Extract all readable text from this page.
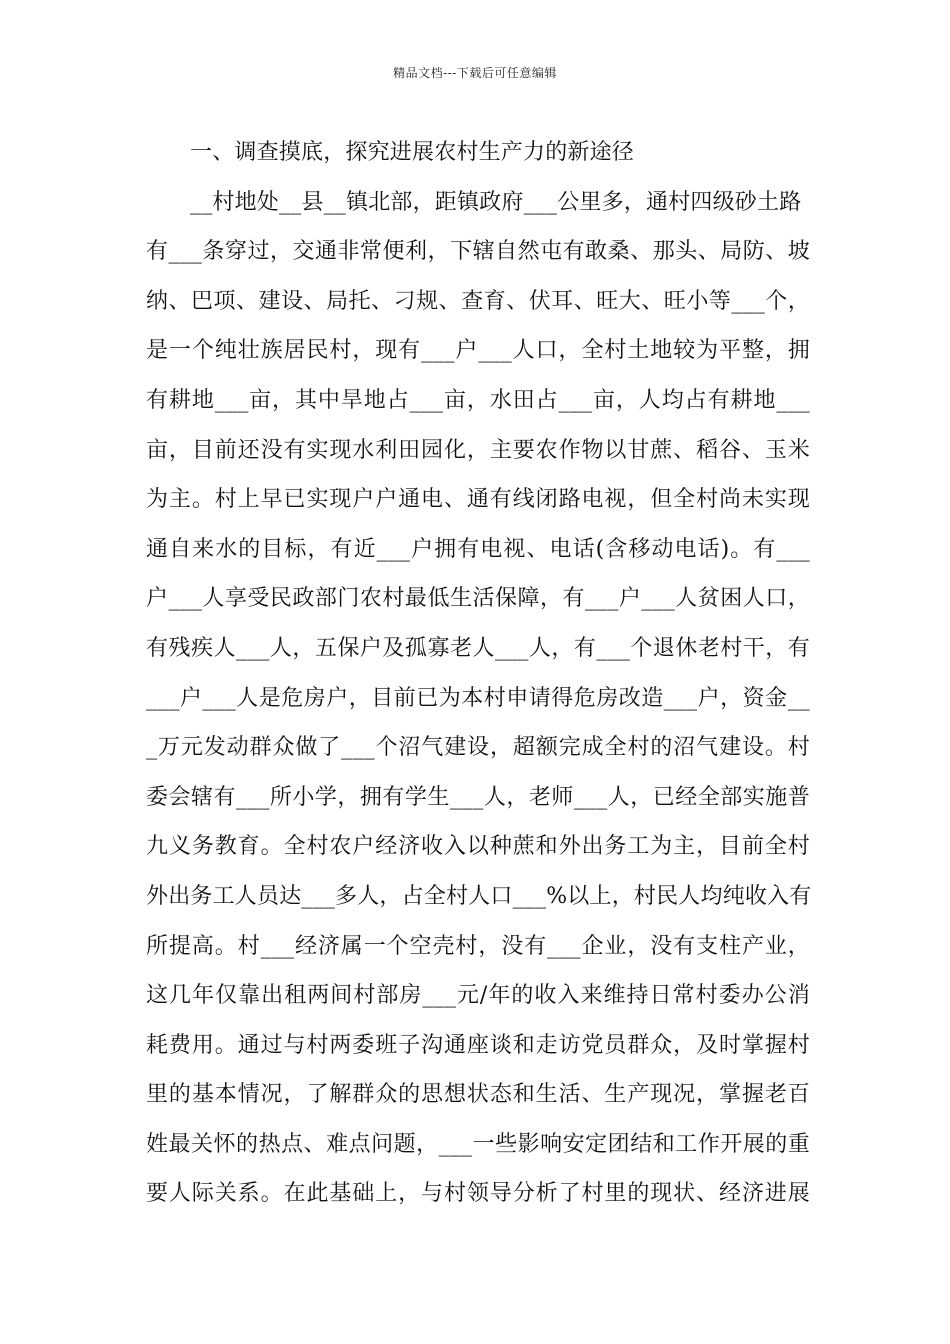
精品文档---下载后可任意编辑
一、调查摸底，探究进展农村生产力的新途径
__村地处__县__镇北部，距镇政府___公里多，通村四级砂土路
有___条穿过，交通非常便利，下辖自然屯有敢桑、那头、局防、坡
纳、巴项、建设、局托、刁规、查育、伏耳、旺大、旺小等___个，
是一个纯壮族居民村，现有___户___人口，全村土地较为平整，拥
有耕地___亩，其中旱地占___亩，水田占___亩，人均占有耕地___
亩，目前还没有实现水利田园化，主要农作物以甘蔗、稻谷、玉米
为主。村上早已实现户户通电、通有线闭路电视，但全村尚未实现
通自来水的目标，有近___户拥有电视、电话(含移动电话)。有___
户___人享受民政部门农村最低生活保障，有___户___人贫困人口，
有残疾人___人，五保户及孤寡老人___人，有___个退休老村干，有
___户___人是危房户，目前已为本村申请得危房改造___户，资金__
_万元发动群众做了___个沼气建设，超额完成全村的沼气建设。村
委会辖有___所小学，拥有学生___人，老师___人，已经全部实施普
九义务教育。全村农户经济收入以种蔗和外出务工为主，目前全村
外出务工人员达___多人，占全村人口___%以上，村民人均纯收入有
所提高。村___经济属一个空壳村，没有___企业，没有支柱产业，
这几年仅靠出租两间村部房___元/年的收入来维持日常村委办公消
耗费用。通过与村两委班子沟通座谈和走访党员群众，及时掌握村
里的基本情况，了解群众的思想状态和生活、生产现况，掌握老百
姓最关怀的热点、难点问题，___一些影响安定团结和工作开展的重
要人际关系。在此基础上，与村领导分析了村里的现状、经济进展
